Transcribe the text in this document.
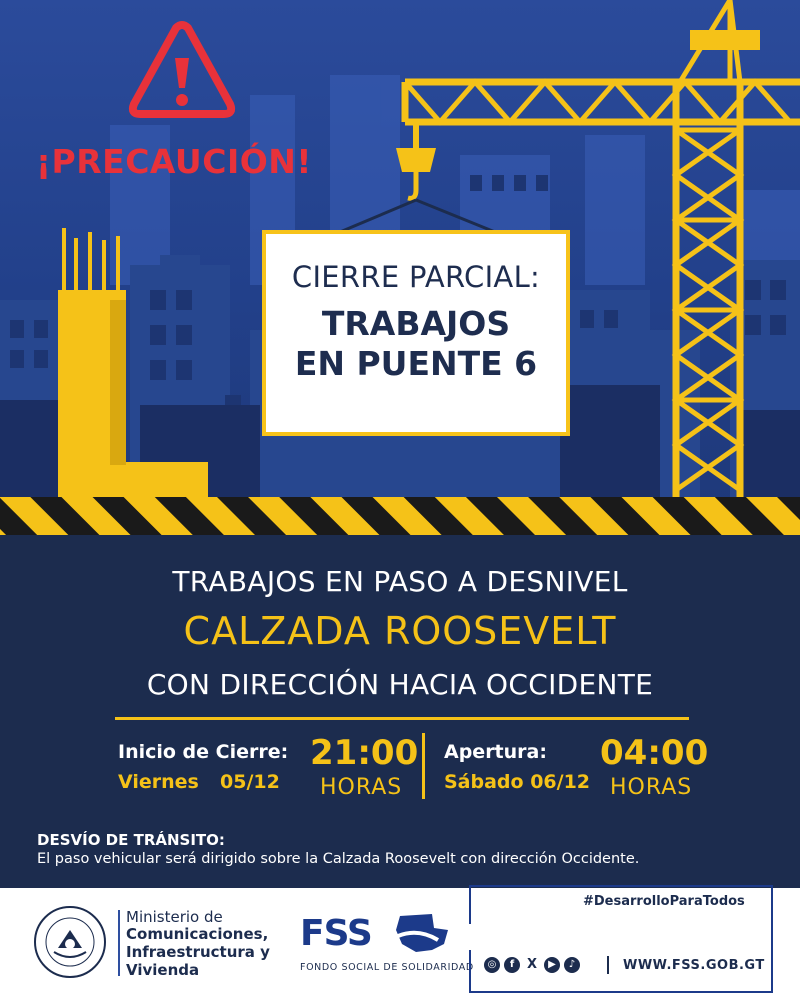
¡PRECAUCIÓN!
CIERRE PARCIAL:
TRABAJOS
EN PUENTE 6
TRABAJOS EN PASO A DESNIVEL
CALZADA ROOSEVELT
CON DIRECCIÓN HACIA OCCIDENTE
Inicio de Cierre:
Viernes 05/12
21:00
HORAS
Apertura:
Sábado 06/12
04:00
HORAS
DESVÍO DE TRÁNSITO:
El paso vehicular será dirigido sobre la Calzada Roosevelt con dirección Occidente.
Ministerio de
Comunicaciones,
Infraestructura y
Vivienda
FSS
FONDO SOCIAL DE SOLIDARIDAD
#DesarrolloParaTodos
◎	f X	▶	♪	WWW.FSS.GOB.GT
